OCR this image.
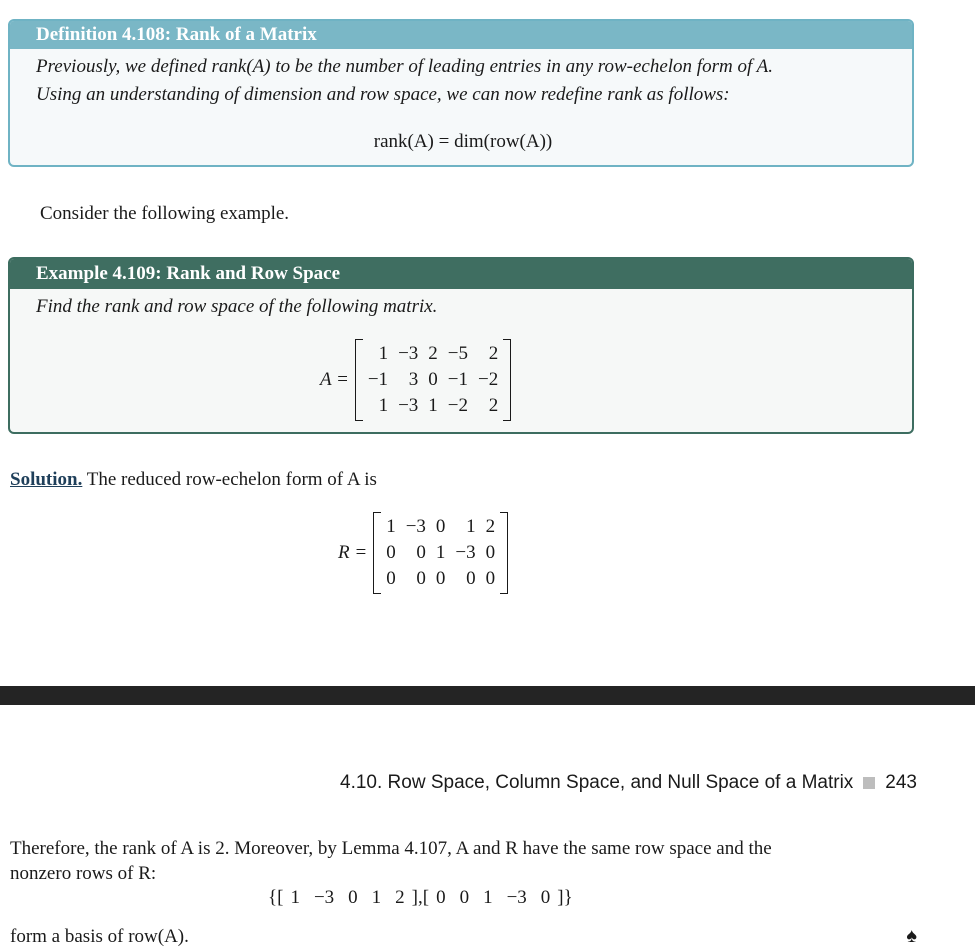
Definition 4.108: Rank of a Matrix
Previously, we defined rank(A) to be the number of leading entries in any row-echelon form of A.
Using an understanding of dimension and row space, we can now redefine rank as follows:
rank(A) = dim(row(A))
Consider the following example.
Example 4.109: Rank and Row Space
Find the rank and row space of the following matrix.
A =
1 −3 2 −5	2
−1	3 0 −1 −2
1 −3 1 −2	2
Solution. The reduced row-echelon form of A is
R =
1 −3 0	1 2
0	0 1 −3 0
0	0 0	0 0
4.10. Row Space, Column Space, and Null Space of a Matrix 243
Therefore, the rank of A is 2. Moreover, by Lemma 4.107, A and R have the same row space and the
nonzero rows of R:
{[ 1 −3 0 1 2 ],[ 0 0 1 −3 0 ]}
form a basis of row(A).	♠
